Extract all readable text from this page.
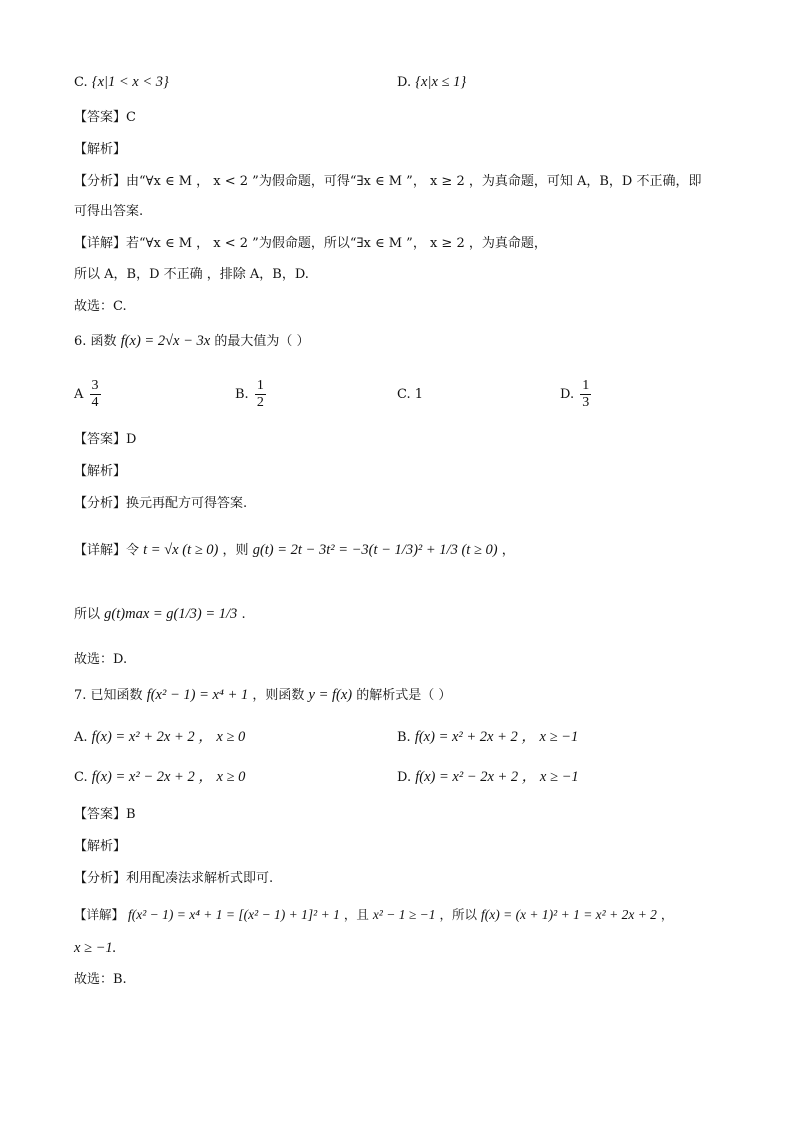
C. {x|1 < x < 3}	D. {x|x ≤ 1}
【答案】C
【解析】
【分析】由“∀x ∈ M ， x < 2 ”为假命题，可得“∃x ∈ M ”， x ≥ 2 ，为真命题，可知 A，B，D 不正确，即
可得出答案.
【详解】若“∀x ∈ M ， x < 2 ”为假命题，所以“∃x ∈ M ”， x ≥ 2 ，为真命题，
所以 A，B，D 不正确 ，排除 A，B，D.
故选：C.
6. 函数 f(x) = 2√x − 3x 的最大值为（ ）
A $\frac{3}{4}$	B. $\frac{1}{2}$	C. 1	D. $\frac{1}{3}$
【答案】D
【解析】
【分析】换元再配方可得答案.
【详解】令 t = √x (t ≥ 0) ，则 g(t) = 2t − 3t² = −3(t − 1/3)² + 1/3 (t ≥ 0) ，
所以 g(t)max = g(1/3) = 1/3 .
故选：D.
7. 已知函数 f(x² − 1) = x⁴ + 1 ，则函数 y = f(x) 的解析式是（ ）
A. f(x) = x² + 2x + 2 ， x ≥ 0	B. f(x) = x² + 2x + 2 ， x ≥ −1
C. f(x) = x² − 2x + 2 ， x ≥ 0	D. f(x) = x² − 2x + 2 ， x ≥ −1
【答案】B
【解析】
【分析】利用配凑法求解析式即可.
【详解】 f(x² − 1) = x⁴ + 1 = [(x² − 1) + 1]² + 1 ，且 x² − 1 ≥ −1 ，所以 f(x) = (x + 1)² + 1 = x² + 2x + 2 ，
x ≥ −1.
故选：B.
